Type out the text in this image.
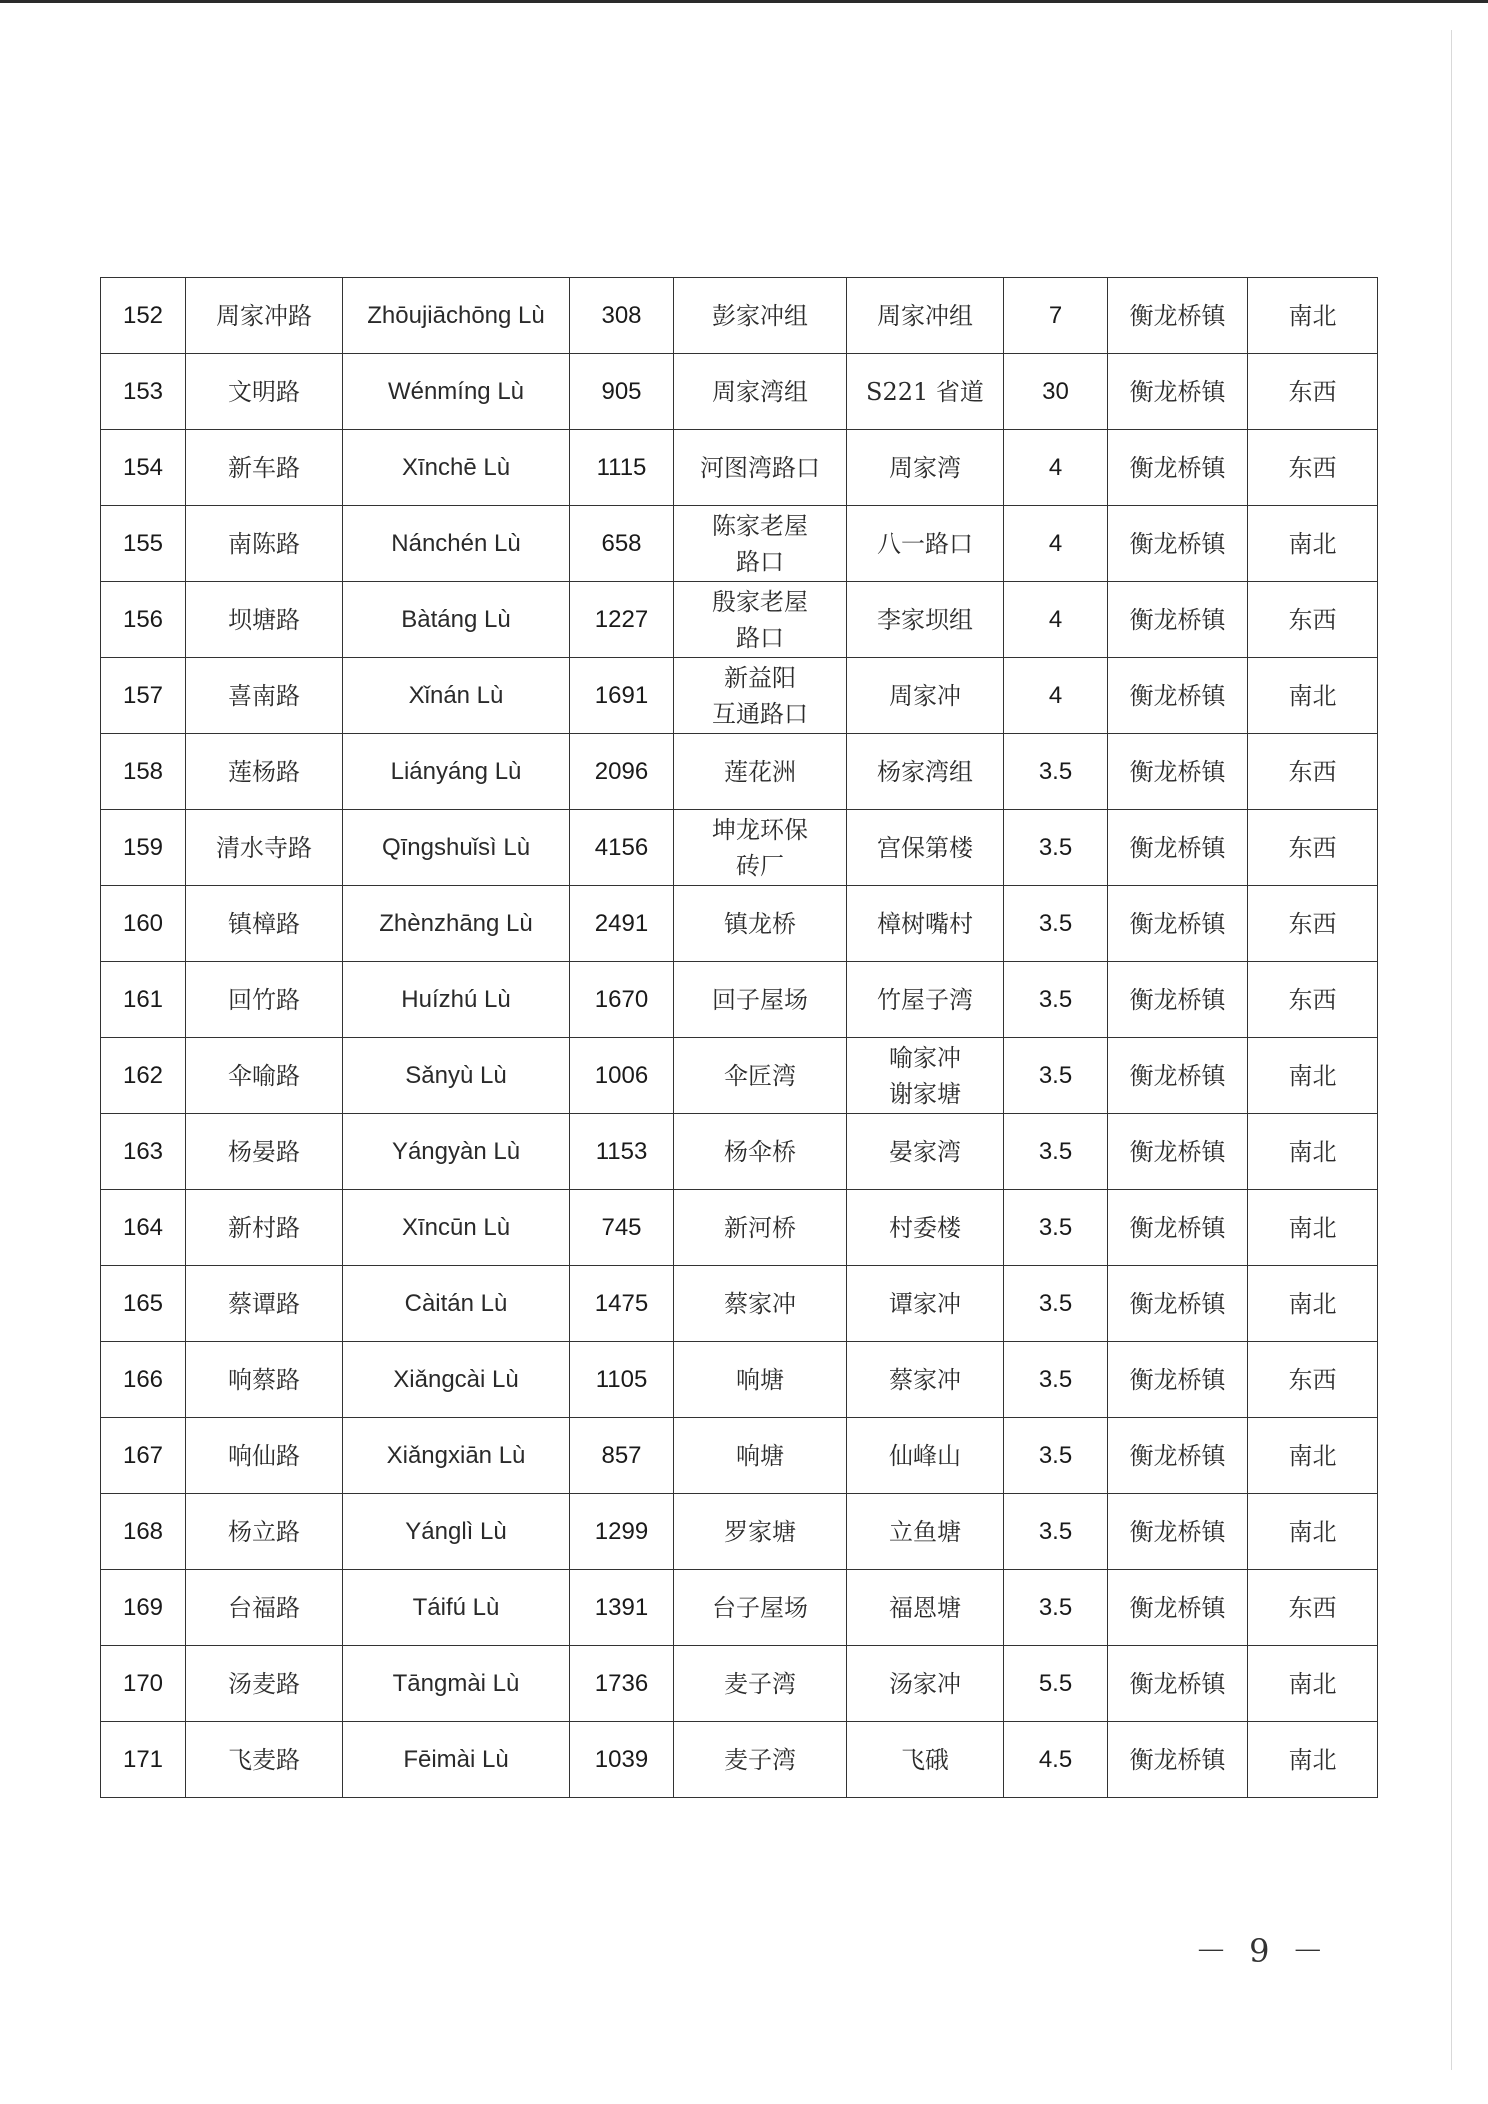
152	周家冲路	Zhōujiāchōng Lù	308	彭家冲组	周家冲组	7	衡龙桥镇	南北
153	文明路	Wénmíng Lù	905	周家湾组	S221 省道	30	衡龙桥镇	东西
154	新车路	Xīnchē Lù	1115	河图湾路口	周家湾	4	衡龙桥镇	东西
155	南陈路	Nánchén Lù	658	陈家老屋
路口	八一路口	4	衡龙桥镇	南北
156	坝塘路	Bàtáng Lù	1227	殷家老屋
路口	李家坝组	4	衡龙桥镇	东西
157	喜南路	Xǐnán Lù	1691	新益阳
互通路口	周家冲	4	衡龙桥镇	南北
158	莲杨路	Liányáng Lù	2096	莲花洲	杨家湾组	3.5	衡龙桥镇	东西
159	清水寺路	Qīngshuǐsì Lù	4156	坤龙环保
砖厂	宫保第楼	3.5	衡龙桥镇	东西
160	镇樟路	Zhènzhāng Lù	2491	镇龙桥	樟树嘴村	3.5	衡龙桥镇	东西
161	回竹路	Huízhú Lù	1670	回子屋场	竹屋子湾	3.5	衡龙桥镇	东西
162	伞喻路	Sǎnyù Lù	1006	伞匠湾	喻家冲
谢家塘	3.5	衡龙桥镇	南北
163	杨晏路	Yángyàn Lù	1153	杨伞桥	晏家湾	3.5	衡龙桥镇	南北
164	新村路	Xīncūn Lù	745	新河桥	村委楼	3.5	衡龙桥镇	南北
165	蔡谭路	Càitán Lù	1475	蔡家冲	谭家冲	3.5	衡龙桥镇	南北
166	响蔡路	Xiǎngcài Lù	1105	响塘	蔡家冲	3.5	衡龙桥镇	东西
167	响仙路	Xiǎngxiān Lù	857	响塘	仙峰山	3.5	衡龙桥镇	南北
168	杨立路	Yánglì Lù	1299	罗家塘	立鱼塘	3.5	衡龙桥镇	南北
169	台福路	Táifú Lù	1391	台子屋场	福恩塘	3.5	衡龙桥镇	东西
170	汤麦路	Tāngmài Lù	1736	麦子湾	汤家冲	5.5	衡龙桥镇	南北
171	飞麦路	Fēimài Lù	1039	麦子湾	飞硪	4.5	衡龙桥镇	南北
－ 9 －
